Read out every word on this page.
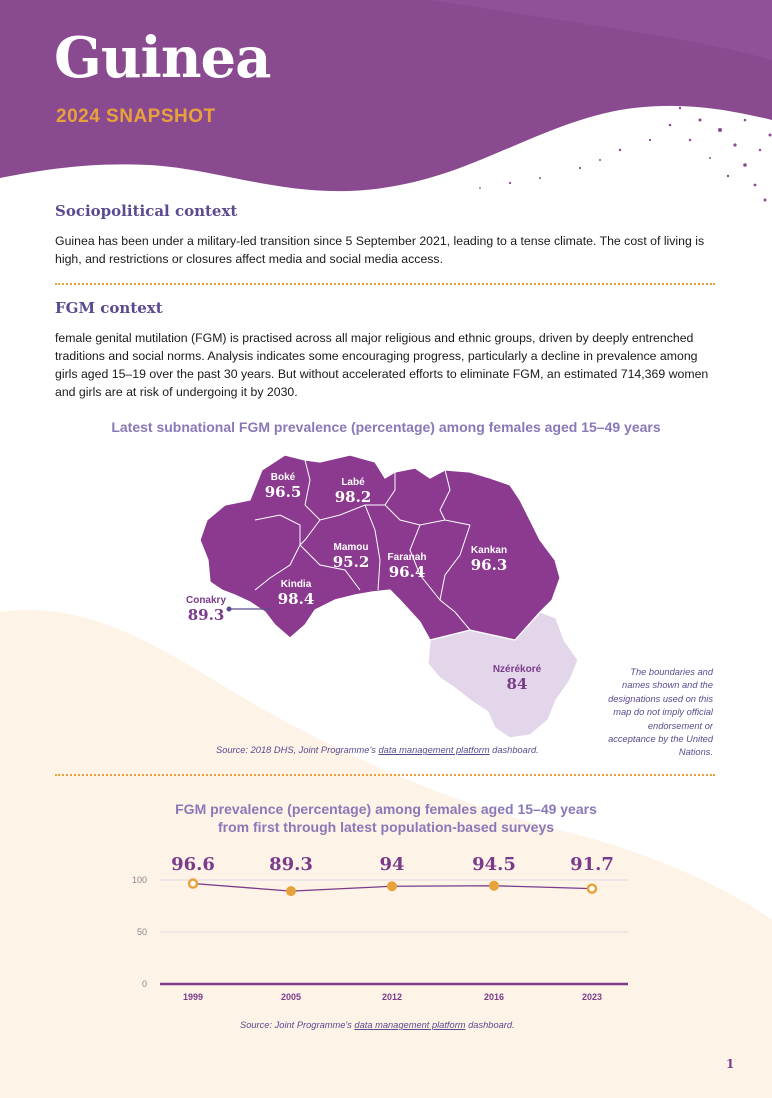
Guinea
2024 SNAPSHOT
Sociopolitical context
Guinea has been under a military-led transition since 5 September 2021, leading to a tense climate. The cost of living is high, and restrictions or closures affect media and social media access.
FGM context
female genital mutilation (FGM) is practised across all major religious and ethnic groups, driven by deeply entrenched traditions and social norms. Analysis indicates some encouraging progress, particularly a decline in prevalence among girls aged 15–19 over the past 30 years. But without accelerated efforts to eliminate FGM, an estimated 714,369 women and girls are at risk of undergoing it by 2030.
Latest subnational FGM prevalence (percentage) among females aged 15–49 years
Boké
96.5
Labé
98.2
Mamou
95.2 Faranah
96.4
Kankan
96.3
Kindia
98.4
Conakry
89.3
Nzérékoré
84
The boundaries and names shown and the designations used on this map do not imply official endorsement or acceptance by the United Nations.
Source: 2018 DHS, Joint Programme's data management platform dashboard.
FGM prevalence (percentage) among females aged 15–49 years
from first through latest population-based surveys
100
50
0
96.6
1999
89.3
2005
94
2012
94.5
2016
91.7
2023
Source: Joint Programme's data management platform dashboard.
1
